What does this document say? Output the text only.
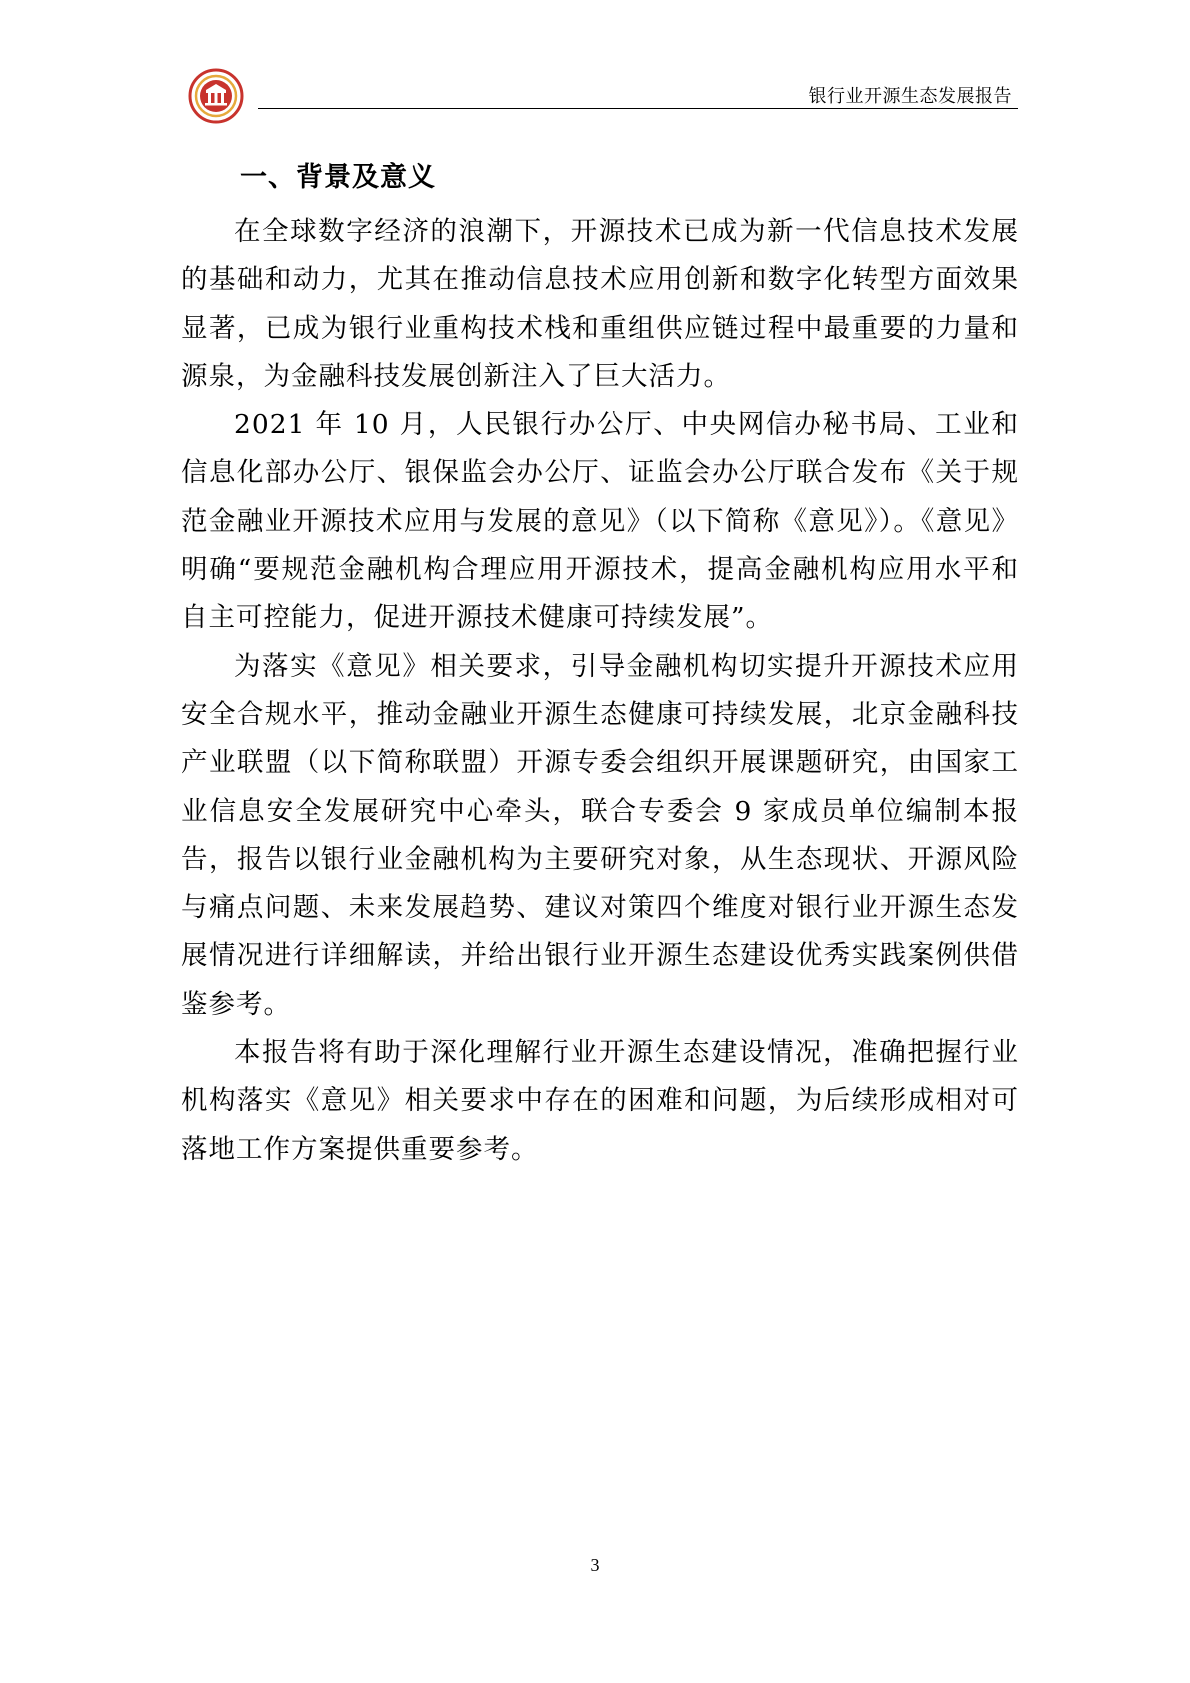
银行业开源生态发展报告
一、背景及意义

在全球数字经济的浪潮下，开源技术已成为新一代信息技术发展的基础和动力，尤其在推动信息技术应用创新和数字化转型方面效果显著，已成为银行业重构技术栈和重组供应链过程中最重要的力量和源泉，为金融科技发展创新注入了巨大活力。

2021 年 10 月，人民银行办公厅、中央网信办秘书局、工业和信息化部办公厅、银保监会办公厅、证监会办公厅联合发布《关于规范金融业开源技术应用与发展的意见》（以下简称《意见》）。《意见》明确“要规范金融机构合理应用开源技术，提高金融机构应用水平和自主可控能力，促进开源技术健康可持续发展”。

为落实《意见》相关要求，引导金融机构切实提升开源技术应用安全合规水平，推动金融业开源生态健康可持续发展，北京金融科技产业联盟（以下简称联盟）开源专委会组织开展课题研究，由国家工业信息安全发展研究中心牵头，联合专委会 9 家成员单位编制本报告，报告以银行业金融机构为主要研究对象，从生态现状、开源风险与痛点问题、未来发展趋势、建议对策四个维度对银行业开源生态发展情况进行详细解读，并给出银行业开源生态建设优秀实践案例供借鉴参考。

本报告将有助于深化理解行业开源生态建设情况，准确把握行业机构落实《意见》相关要求中存在的困难和问题，为后续形成相对可落地工作方案提供重要参考。

3
